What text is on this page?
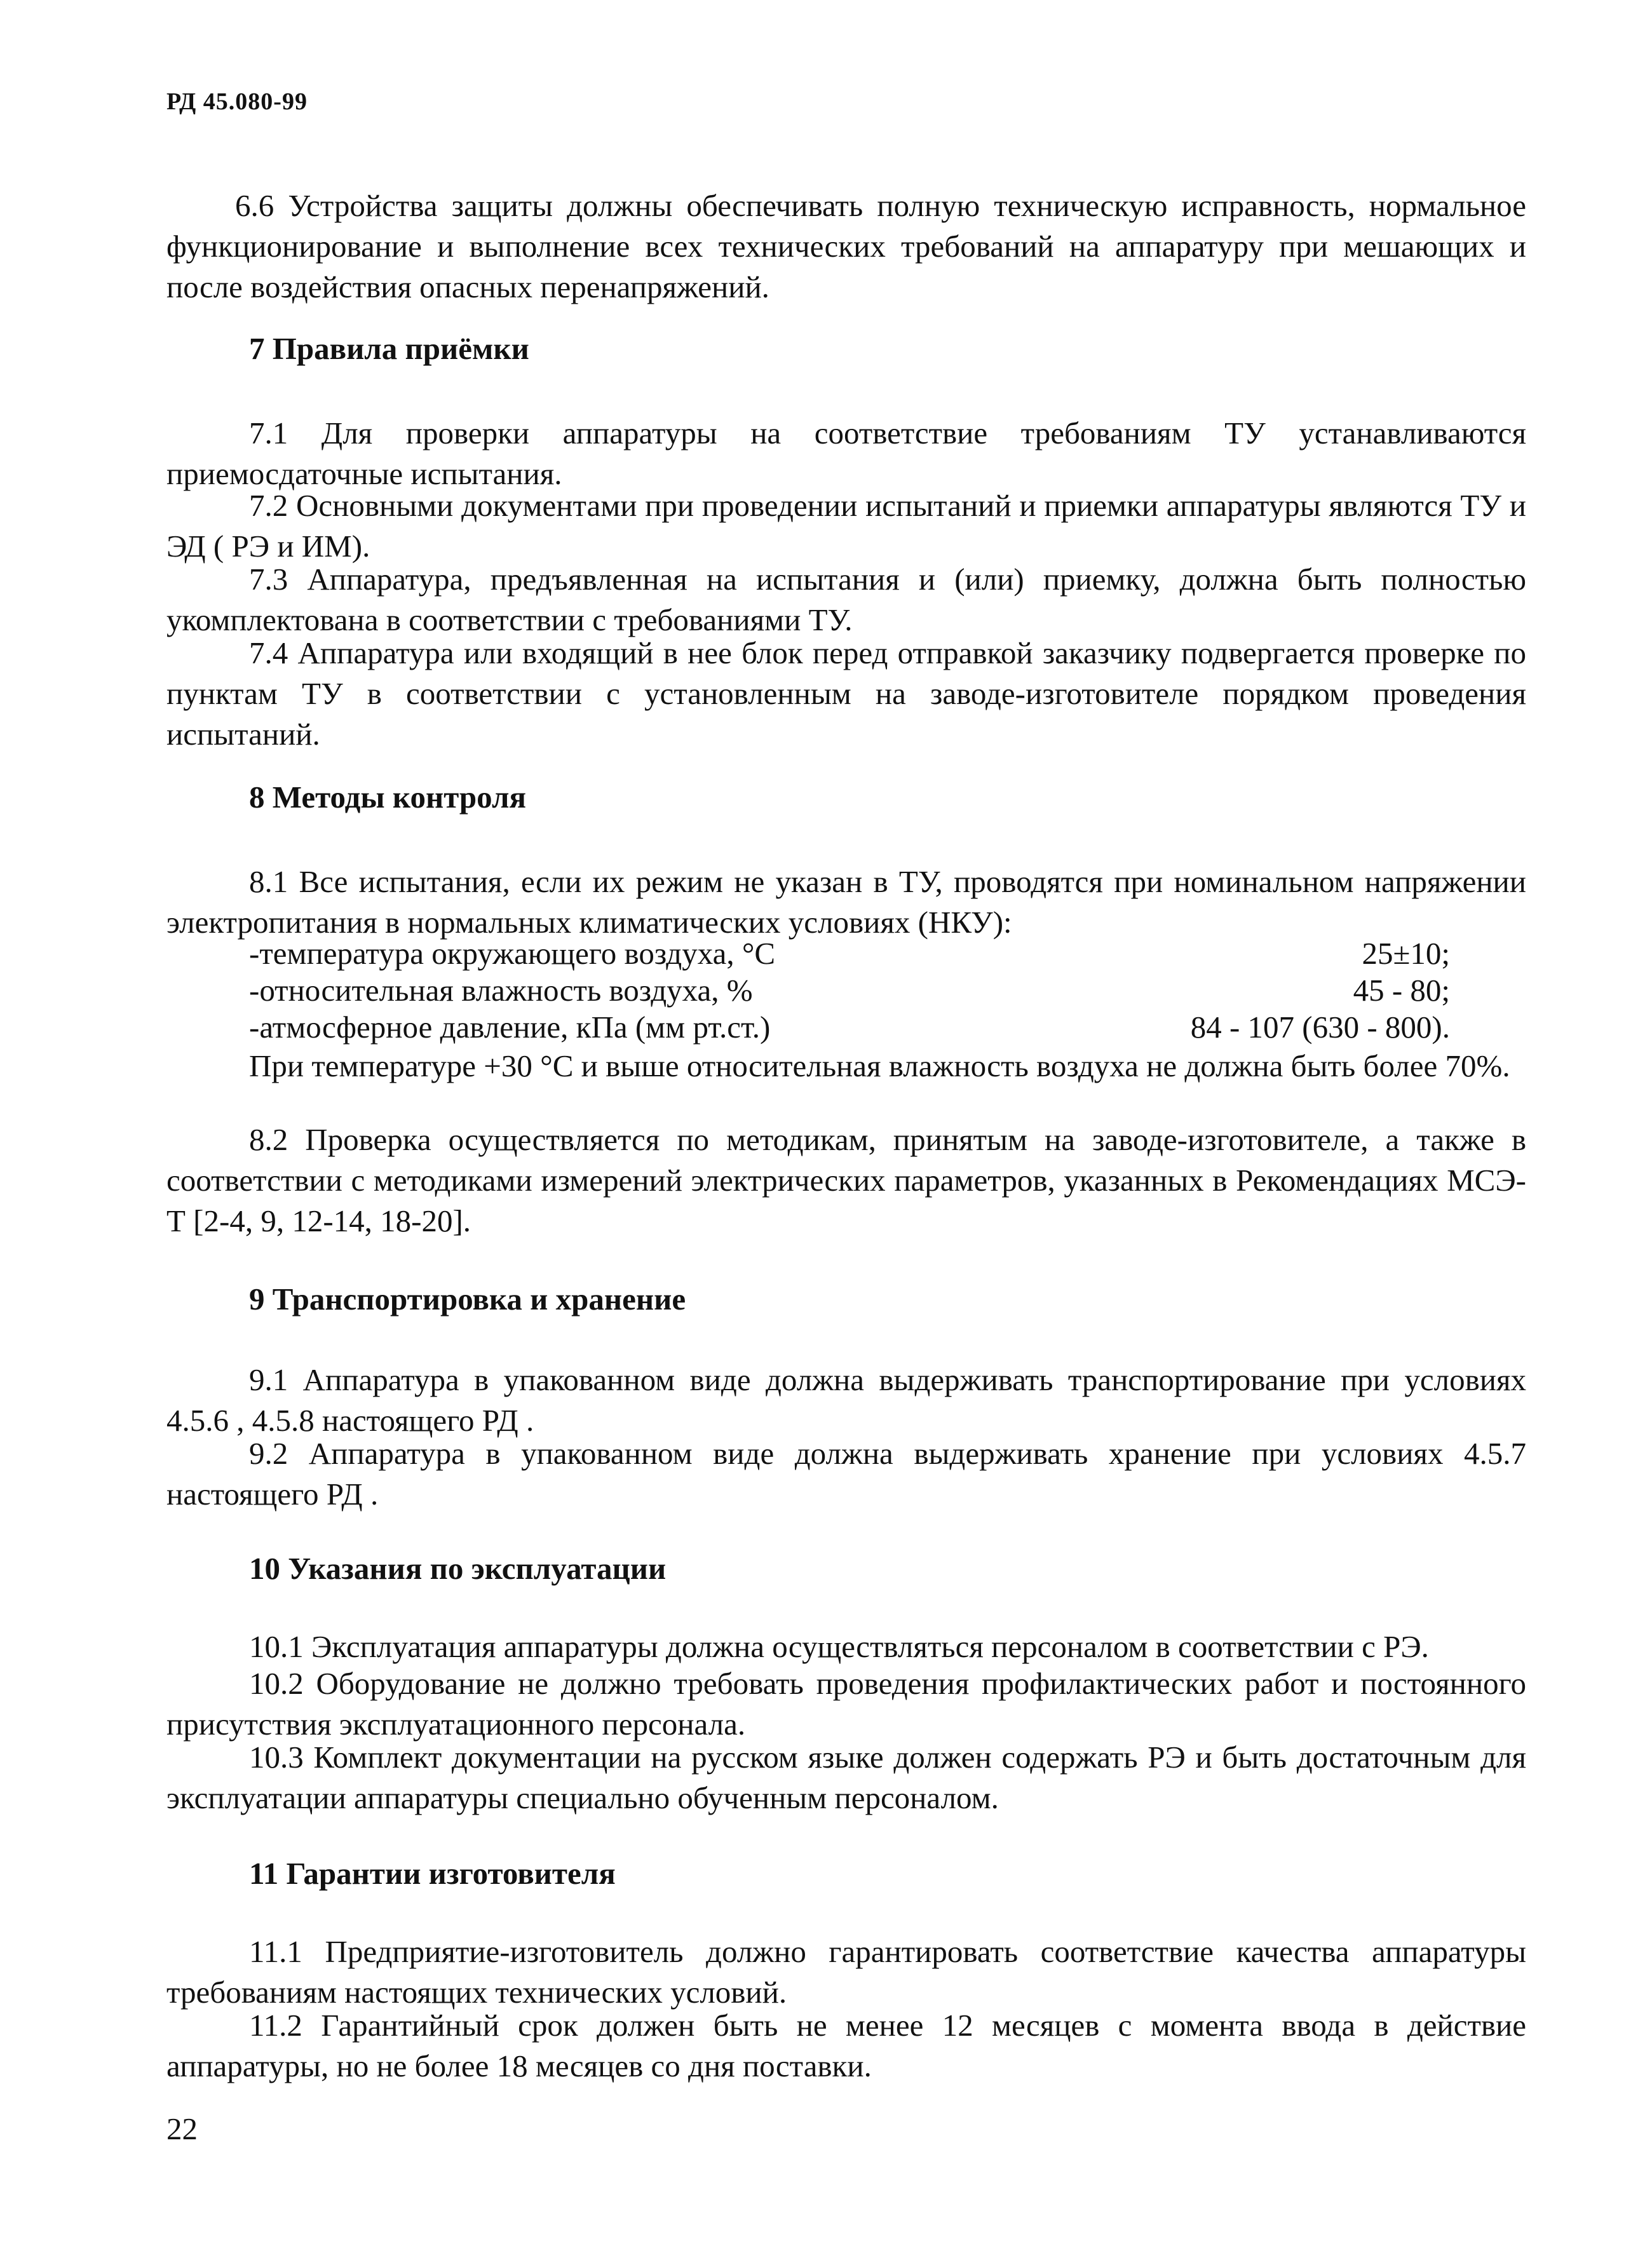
РД 45.080-99
6.6 Устройства защиты должны обеспечивать полную техническую исправность, нормальное функционирование и выполнение всех технических требований на аппаратуру при мешающих и после воздействия опасных перенапряжений.
7 Правила приёмки
7.1 Для проверки аппаратуры на соответствие требованиям ТУ устанавливаются приемосдаточные испытания.
7.2 Основными документами при проведении испытаний и приемки аппаратуры являются ТУ и ЭД ( РЭ и ИМ).
7.3 Аппаратура, предъявленная на испытания и (или) приемку, должна быть полностью укомплектована в соответствии с требованиями ТУ.
7.4 Аппаратура или входящий в нее блок перед отправкой заказчику подвергается проверке по пунктам ТУ в соответствии с установленным на заводе-изготовителе порядком проведения испытаний.
8 Методы контроля
8.1 Все испытания, если их режим не указан в ТУ, проводятся при номинальном напряжении электропитания в нормальных климатических условиях (НКУ):
-температура окружающего воздуха, °С	25±10;
-относительная влажность воздуха, %	45 - 80;
-атмосферное давление, кПа (мм рт.ст.)	84 - 107 (630 - 800).
При температуре +30 °С и выше относительная влажность воздуха не должна быть более 70%.
8.2 Проверка осуществляется по методикам, принятым на заводе-изготовителе, а также в соответствии с методиками измерений электрических параметров, указанных в Рекомендациях МСЭ-Т [2-4, 9, 12-14, 18-20].
9 Транспортировка и хранение
9.1 Аппаратура в упакованном виде должна выдерживать транспортирование при условиях 4.5.6 , 4.5.8 настоящего РД .
9.2 Аппаратура в упакованном виде должна выдерживать хранение при условиях 4.5.7 настоящего РД .
10 Указания по эксплуатации
10.1 Эксплуатация аппаратуры должна осуществляться персоналом в соответствии с РЭ.
10.2 Оборудование не должно требовать проведения профилактических работ и постоянного присутствия эксплуатационного персонала.
10.3 Комплект документации на русском языке должен содержать РЭ и быть достаточным для эксплуатации аппаратуры специально обученным персоналом.
11 Гарантии изготовителя
11.1 Предприятие-изготовитель должно гарантировать соответствие качества аппаратуры требованиям настоящих технических условий.
11.2 Гарантийный срок должен быть не менее 12 месяцев с момента ввода в действие аппаратуры, но не более 18 месяцев со дня поставки.
22
